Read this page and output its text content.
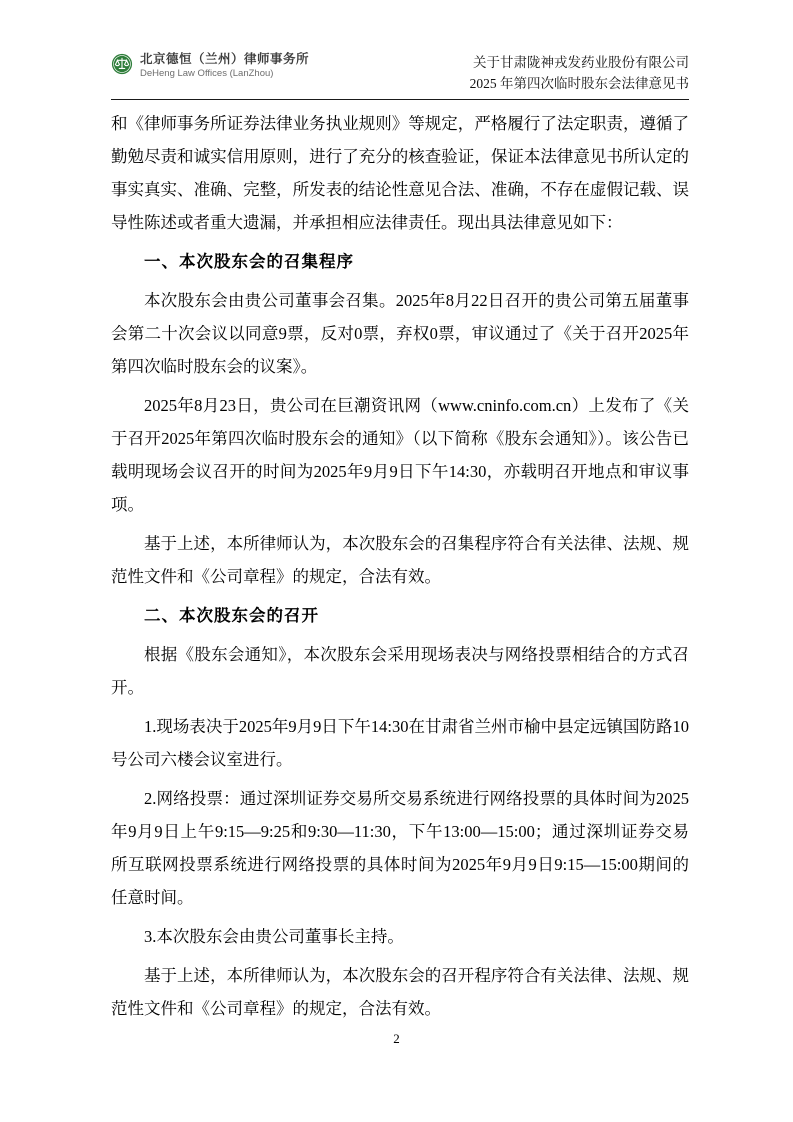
北京德恒（兰州）律师事务所
DeHeng Law Offices (LanZhou)
关于甘肃陇神戎发药业股份有限公司
2025 年第四次临时股东会法律意见书

和《律师事务所证券法律业务执业规则》等规定，严格履行了法定职责，遵循了勤勉尽责和诚实信用原则，进行了充分的核查验证，保证本法律意见书所认定的事实真实、准确、完整，所发表的结论性意见合法、准确，不存在虚假记载、误导性陈述或者重大遗漏，并承担相应法律责任。现出具法律意见如下：

一、本次股东会的召集程序

本次股东会由贵公司董事会召集。2025年8月22日召开的贵公司第五届董事会第二十次会议以同意9票，反对0票，弃权0票，审议通过了《关于召开2025年第四次临时股东会的议案》。

2025年8月23日，贵公司在巨潮资讯网（www.cninfo.com.cn）上发布了《关于召开2025年第四次临时股东会的通知》（以下简称《股东会通知》）。该公告已载明现场会议召开的时间为2025年9月9日下午14:30，亦载明召开地点和审议事项。

基于上述，本所律师认为，本次股东会的召集程序符合有关法律、法规、规范性文件和《公司章程》的规定，合法有效。

二、本次股东会的召开

根据《股东会通知》，本次股东会采用现场表决与网络投票相结合的方式召开。

1.现场表决于2025年9月9日下午14:30在甘肃省兰州市榆中县定远镇国防路10号公司六楼会议室进行。

2.网络投票：通过深圳证券交易所交易系统进行网络投票的具体时间为2025年9月9日上午9:15—9:25和9:30—11:30，下午13:00—15:00；通过深圳证券交易所互联网投票系统进行网络投票的具体时间为2025年9月9日9:15—15:00期间的任意时间。

3.本次股东会由贵公司董事长主持。

基于上述，本所律师认为，本次股东会的召开程序符合有关法律、法规、规范性文件和《公司章程》的规定，合法有效。

2
